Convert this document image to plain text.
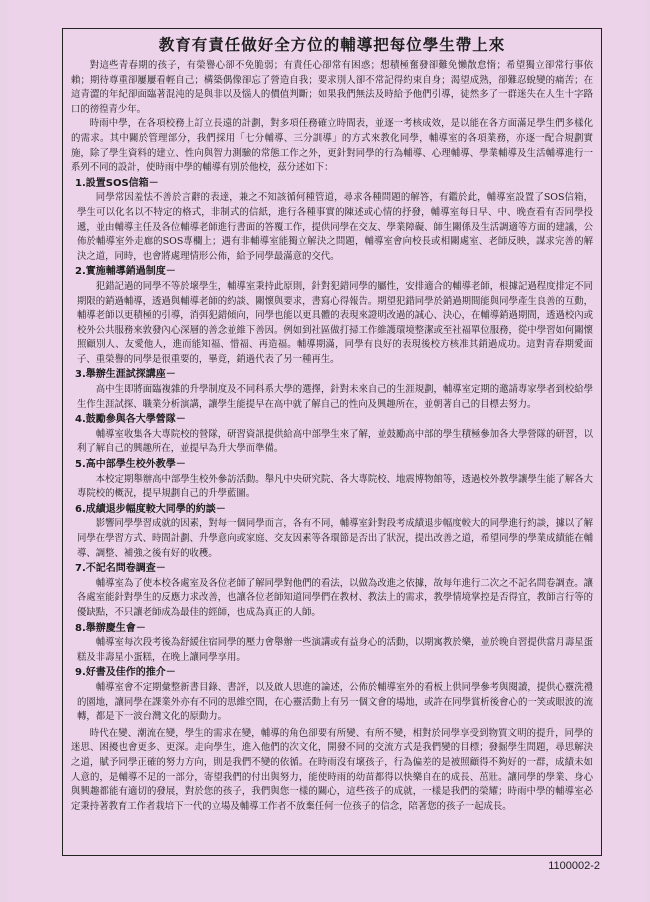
教育有責任做好全方位的輔導把每位學生帶上來

對這些青春期的孩子，有榮譽心卻不免脆弱；有責任心卻常有困惑；想積極奮發卻難免懶散怠惰；希望獨立卻常行事依賴；期待尊重卻屢屢看輕自己；構築偶像卻忘了營造自我；要求別人卻不常記得約束自身；渴望成熟，卻難忍蛻變的痛苦；在這青澀的年紀卻面臨著混沌的是與非以及惱人的價值判斷；如果我們無法及時給予他們引導，徒然多了一群迷失在人生十字路口的徬徨青少年。

時雨中學，在各項校務上訂立長遠的計劃，對多項任務確立時間表，並逐一考核成效，是以能在各方面滿足學生們多樣化的需求。其中關於管理部分，我們採用「七分輔導、三分訓導」的方式來教化同學，輔導室的各項業務，亦逐一配合規劃實施，除了學生資料的建立、性向與智力測驗的常態工作之外，更針對同學的行為輔導、心理輔導、學業輔導及生活輔導進行一系列不同的設計，使時雨中學的輔導有別於他校，茲分述如下：

1.設置SOS信箱－

同學常因羞怯不善於言辭的表達，兼之不知該循何種管道，尋求各種問題的解答，有鑑於此，輔導室設置了SOS信箱，學生可以化名以不特定的格式，非制式的信紙，進行各種事實的陳述或心情的抒發，輔導室每日早、中、晚查看有否同學投遞，並由輔導主任及各位輔導老師進行書面的答覆工作，提供同學在交友、學業障礙、師生關係及生活調適等方面的建議，公佈於輔導室外走廊的SOS專欄上；遇有非輔導室能獨立解決之問題，輔導室會向校長或相關處室、老師反映，謀求完善的解決之道，同時，也會將處理情形公佈，給予同學最滿意的交代。

2.實施輔導銷過制度－

犯錯記過的同學不等於壞學生，輔導室秉持此原則，針對犯錯同學的屬性，安排適合的輔導老師，根據記過程度排定不同期限的銷過輔導，透過與輔導老師的約談、關懷與要求，書寫心得報告。期望犯錯同學於銷過期間能與同學產生良善的互動，輔導老師以更積極的引導，消弭犯錯傾向，同學也能以更具體的表現來證明改過的誠心、決心，在輔導銷過期間，透過校內或校外公共服務來敦發內心深層的善念並維下善因。例如到社區做打掃工作維護環境整潔或至社福單位服務，從中學習如何關懷照顧別人、友愛他人，進而能知福、惜福、再造福。輔導期滿，同學有良好的表現後校方核准其銷過成功。這對青春期愛面子、重榮譽的同學是很重要的，畢竟，銷過代表了另一種再生。

3.舉辦生涯試探講座－

高中生即將面臨複雜的升學制度及不同科系大學的選擇，針對未來自己的生涯規劃，輔導室定期的邀請專家學者到校給學生作生涯試探、職業分析演講，讓學生能提早在高中就了解自己的性向及興趣所在，並朝著自己的目標去努力。

4.鼓勵參與各大學營隊－

輔導室收集各大專院校的營隊，研習資訊提供給高中部學生來了解，並鼓勵高中部的學生積極參加各大學營隊的研習，以利了解自己的興趣所在，並提早為升大學而準備。

5.高中部學生校外教學－

本校定期舉辦高中部學生校外參訪活動。舉凡中央研究院、各大專院校、地震博物館等，透過校外教學讓學生能了解各大專院校的概況，提早規劃自己的升學藍圖。

6.成績退步幅度較大同學的約談－

影響同學學習成就的因素，對每一個同學而言，各有不同，輔導室針對段考成績退步幅度較大的同學進行約談，據以了解同學在學習方式、時間計劃、升學意向或家庭、交友因素等各環節是否出了狀況，提出改善之道，希望同學的學業成績能在輔導、調整、補強之後有好的收穫。

7.不記名問卷調查－

輔導室為了使本校各處室及各位老師了解同學對他們的看法，以做為改進之依據，故每年進行二次之不記名問卷調查。讓各處室能針對學生的反應力求改善，也讓各位老師知道同學們在教材、教法上的需求，教學情境掌控是否得宜，教師言行等的優缺點，不只讓老師成為最佳的經師，也成為真正的人師。

8.舉辦慶生會－

輔導室每次段考後為舒緩住宿同學的壓力會舉辦一些演講或有益身心的活動，以期寓教於樂，並於晚自習提供當月壽星蛋糕及非壽星小蛋糕，在晚上讓同學享用。

9.好書及佳作的推介－

輔導室會不定期彙整新書目錄、書評，以及啟人思進的論述，公佈於輔導室外的看板上供同學參考與閱讀，提供心靈洗禮的園地，讓同學在課業外亦有不同的思維空間，在心靈活動上有另一個文會的場地，或許在同學賞析後會心的一笑或眼波的流轉，都是下一波台灣文化的原動力。

時代在變、潮流在變，學生的需求在變，輔導的角色卻要有所變、有所不變，相對於同學享受到物質文明的提升，同學的迷思、困擾也會更多、更深。走向學生，進入他們的次文化，開發不同的交流方式是我們變的目標；發掘學生問題，尋思解決之道，賦予同學正確的努力方向，則是我們不變的依循。在時雨沒有壞孩子，行為偏差的是被照顧得不夠好的一群，成績未如人意的，是輔導不足的一部分，寄望我們的付出與努力，能使時雨的幼苗都得以快樂自在的成長、茁壯。讓同學的學業、身心與興趣都能有適切的發展，對於您的孩子，我們與您一樣的關心，這些孩子的成就，一樣是我們的榮耀；時雨中學的輔導室必定秉持著教育工作者栽培下一代的立場及輔導工作者不放棄任何一位孩子的信念，陪著您的孩子一起成長。

1100002-2
